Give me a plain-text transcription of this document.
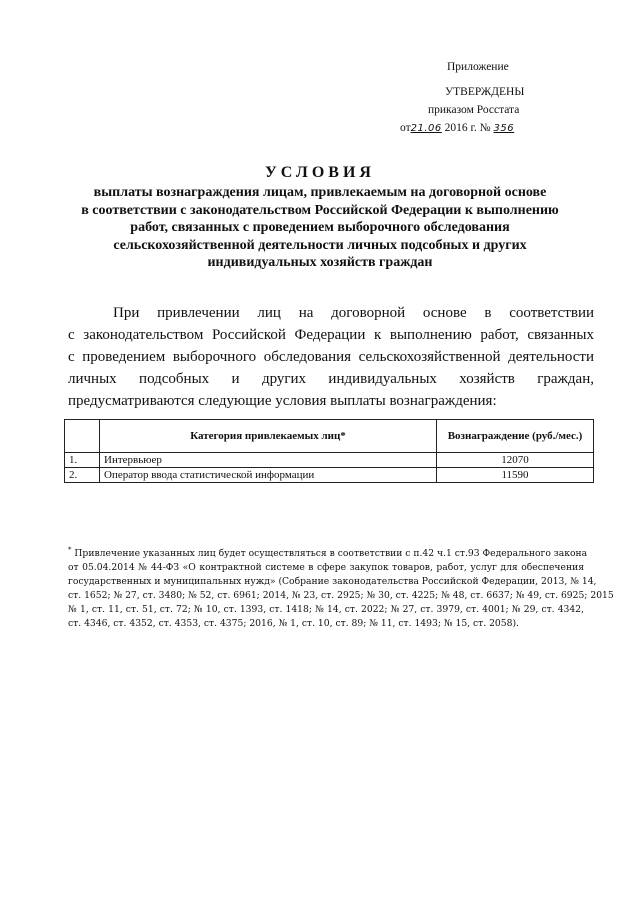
Приложение
УТВЕРЖДЕНЫ
приказом Росстата
от21.06 2016 г. № 356
УСЛОВИЯ
выплаты вознаграждения лицам, привлекаемым на договорной основе
в соответствии с законодательством Российской Федерации к выполнению
работ, связанных с проведением выборочного обследования
сельскохозяйственной деятельности личных подсобных и других
индивидуальных хозяйств граждан
При привлечении лиц на договорной основе в соответствии
с законодательством Российской Федерации к выполнению работ, связанных
с проведением выборочного обследования сельскохозяйственной деятельности
личных подсобных и других индивидуальных хозяйств граждан,
предусматриваются следующие условия выплаты вознаграждения:
	Категория привлекаемых лиц*	Вознаграждение (руб./мес.)
1.	Интервьюер	12070
2.	Оператор ввода статистической информации	11590
* Привлечение указанных лиц будет осуществляться в соответствии с п.42 ч.1 ст.93 Федерального закона
от 05.04.2014 № 44-ФЗ «О контрактной системе в сфере закупок товаров, работ, услуг для обеспечения
государственных и муниципальных нужд» (Собрание законодательства Российской Федерации, 2013, № 14,
ст. 1652; № 27, ст. 3480; № 52, ст. 6961; 2014, № 23, ст. 2925; № 30, ст. 4225; № 48, ст. 6637; № 49, ст. 6925; 2015
№ 1, ст. 11, ст. 51, ст. 72; № 10, ст. 1393, ст. 1418; № 14, ст. 2022; № 27, ст. 3979, ст. 4001; № 29, ст. 4342,
ст. 4346, ст. 4352, ст. 4353, ст. 4375; 2016, № 1, ст. 10, ст. 89; № 11, ст. 1493; № 15, ст. 2058).
